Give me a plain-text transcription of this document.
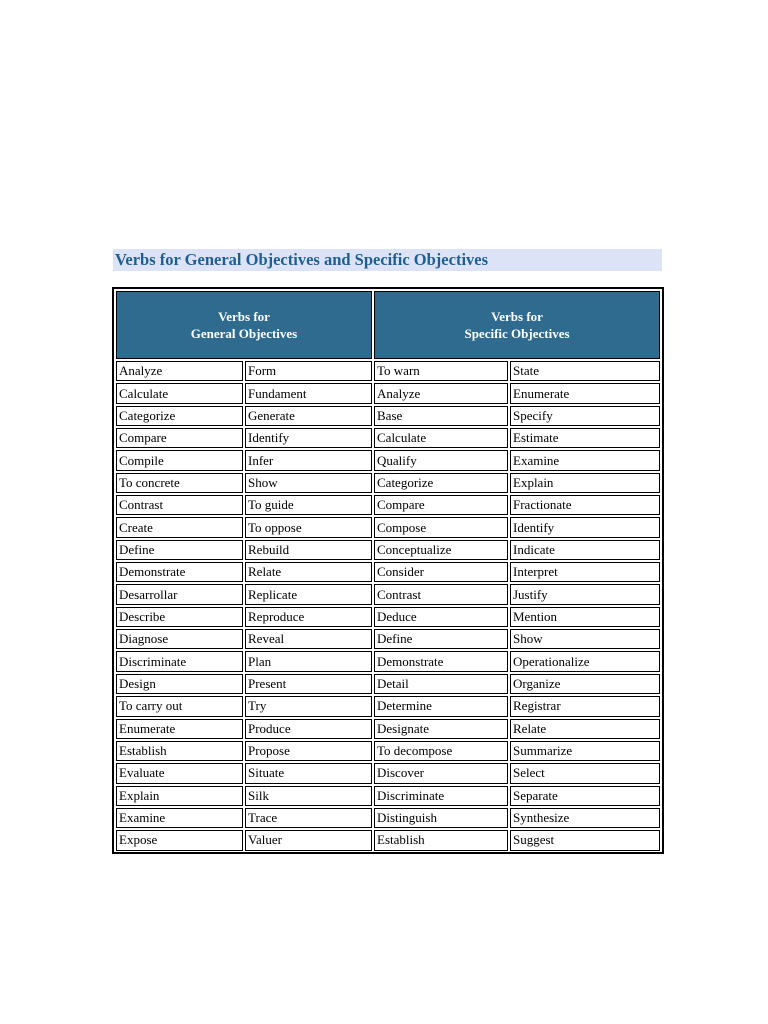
Verbs for General Objectives and Specific Objectives
Verbs for
General Objectives		Verbs for
Specific Objectives	

Analyze	Form	To warn	State
Calculate	Fundament	Analyze	Enumerate
Categorize	Generate	Base	Specify
Compare	Identify	Calculate	Estimate
Compile	Infer	Qualify	Examine
To concrete	Show	Categorize	Explain
Contrast	To guide	Compare	Fractionate
Create	To oppose	Compose	Identify
Define	Rebuild	Conceptualize	Indicate
Demonstrate	Relate	Consider	Interpret
Desarrollar	Replicate	Contrast	Justify
Describe	Reproduce	Deduce	Mention
Diagnose	Reveal	Define	Show
Discriminate	Plan	Demonstrate	Operationalize
Design	Present	Detail	Organize
To carry out	Try	Determine	Registrar
Enumerate	Produce	Designate	Relate
Establish	Propose	To decompose	Summarize
Evaluate	Situate	Discover	Select
Explain	Silk	Discriminate	Separate
Examine	Trace	Distinguish	Synthesize
Expose	Valuer	Establish	Suggest
